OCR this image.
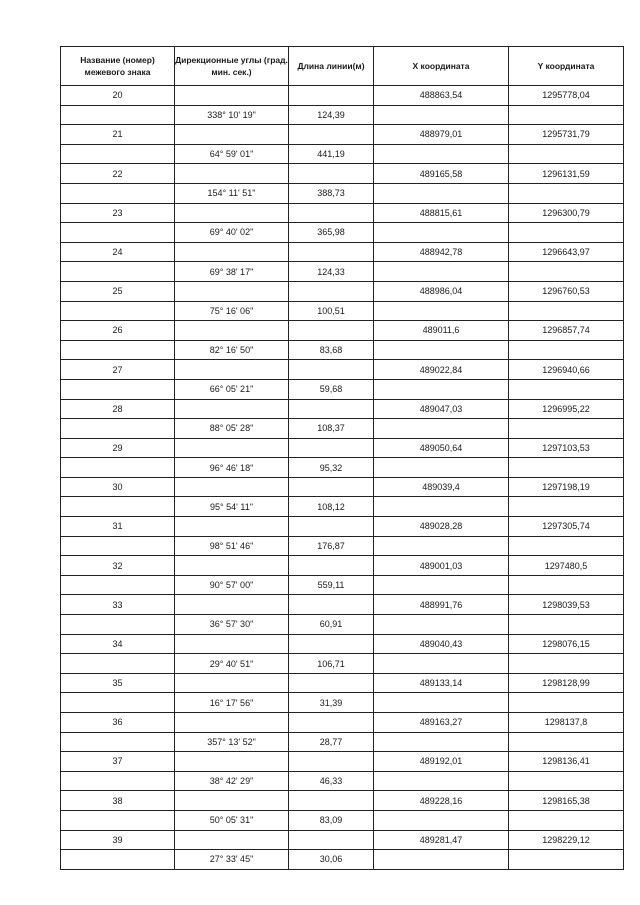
Название (номер) межевого знака	Дирекционные углы (град. мин. сек.)	Длина линии(м)	X координата	Y координата
20			488863,54	1295778,04
	338° 10' 19"	124,39		
21			488979,01	1295731,79
	64° 59' 01"	441,19		
22			489165,58	1296131,59
	154° 11' 51"	388,73		
23			488815,61	1296300,79
	69° 40' 02"	365,98		
24			488942,78	1296643,97
	69° 38' 17"	124,33		
25			488986,04	1296760,53
	75° 16' 06"	100,51		
26			489011,6	1296857,74
	82° 16' 50"	83,68		
27			489022,84	1296940,66
	66° 05' 21"	59,68		
28			489047,03	1296995,22
	88° 05' 28"	108,37		
29			489050,64	1297103,53
	96° 46' 18"	95,32		
30			489039,4	1297198,19
	95° 54' 11"	108,12		
31			489028,28	1297305,74
	98° 51' 46"	176,87		
32			489001,03	1297480,5
	90° 57' 00"	559,11		
33			488991,76	1298039,53
	36° 57' 30"	60,91		
34			489040,43	1298076,15
	29° 40' 51"	106,71		
35			489133,14	1298128,99
	16° 17' 56"	31,39		
36			489163,27	1298137,8
	357° 13' 52"	28,77		
37			489192,01	1298136,41
	38° 42' 29"	46,33		
38			489228,16	1298165,38
	50° 05' 31"	83,09		
39			489281,47	1298229,12
	27° 33' 45"	30,06		
